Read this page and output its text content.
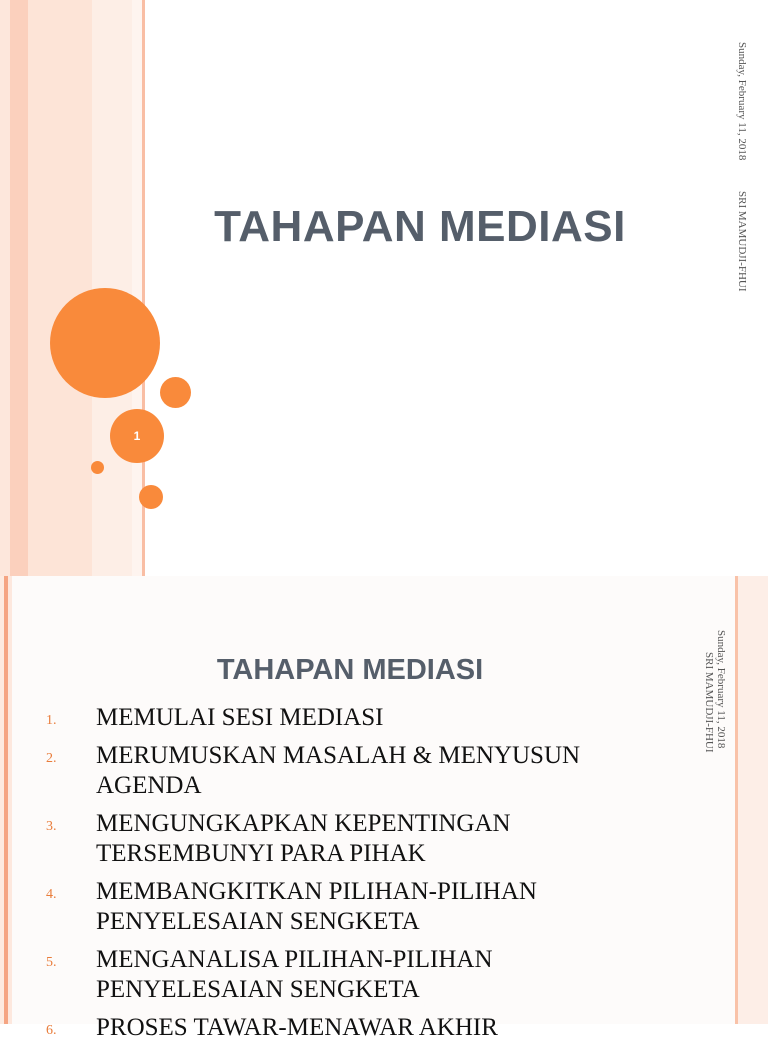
1
TAHAPAN MEDIASI
Sunday, February 11, 2018 SRI MAMUDJI-FHUI
TAHAPAN MEDIASI
1.	MEMULAI SESI MEDIASI
2.	MERUMUSKAN MASALAH & MENYUSUN AGENDA
3.	MENGUNGKAPKAN KEPENTINGAN TERSEMBUNYI PARA PIHAK
4.	MEMBANGKITKAN PILIHAN-PILIHAN PENYELESAIAN SENGKETA
5.	MENGANALISA PILIHAN-PILIHAN PENYELESAIAN SENGKETA
6.	PROSES TAWAR-MENAWAR AKHIR
Sunday, February 11, 2018
SRI MAMUDJI-FHUI
